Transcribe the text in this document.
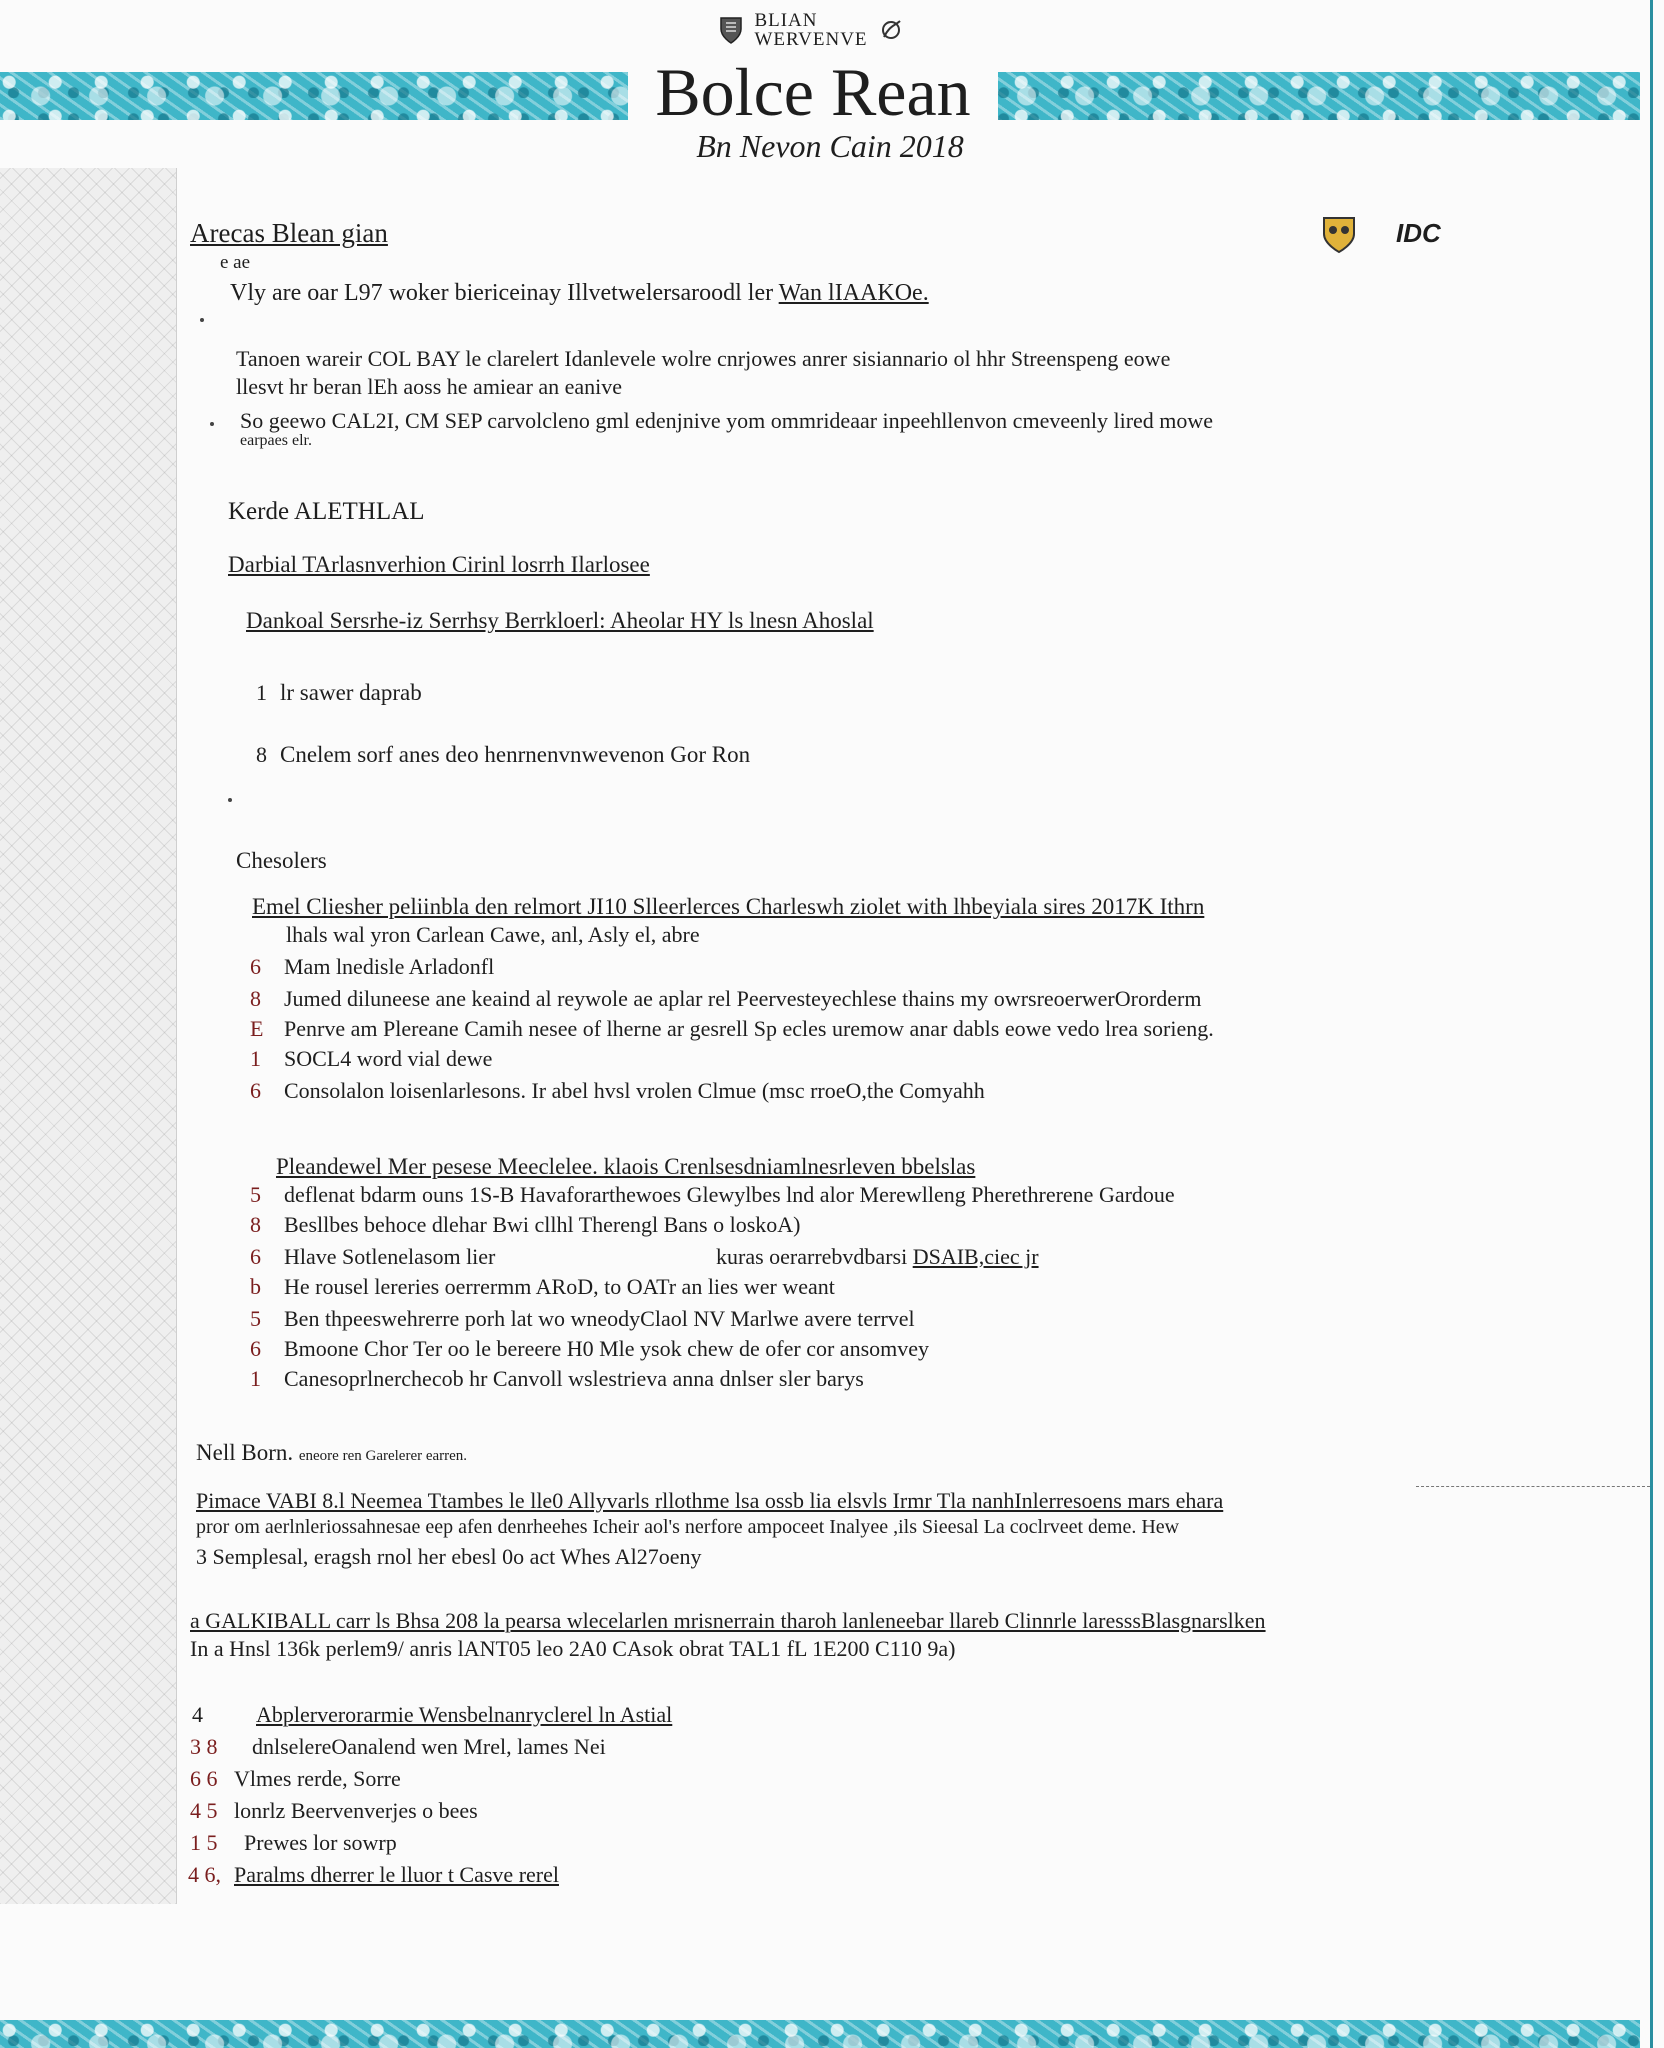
BLIAN
WERVENVE
Bolce Rean
Bn Nevon Cain 2018
IDC
Arecas Blean gian
e ae
Vly are oar L97 woker biericeinay Illvetwelersaroodl ler Wan lIAAKOe.
Tanoen wareir COL BAY le clarelert Idanlevele wolre cnrjowes anrer sisiannario ol hhr Streenspeng eowe
llesvt hr beran lEh aoss he amiear an eanive
So geewo CAL2I, CM SEP carvolcleno gml edenjnive yom ommrideaar inpeehllenvon cmeveenly lired mowe
earpaes elr.
Kerde ALETHLAL
Darbial TArlasnverhion Cirinl losrrh Ilarlosee
Dankoal Sersrhe-iz Serrhsy Berrkloerl: Aheolar HY ls lnesn Ahoslal
1 lr sawer daprab
8 Cnelem sorf anes deo henrnenvnwevenon Gor Ron
Chesolers
Emel Cliesher peliinbla den relmort JI10 Slleerlerces Charleswh ziolet with lhbeyiala sires 2017K Ithrn
lhals wal yron Carlean Cawe, anl, Asly el, abre
6 Mam lnedisle Arladonfl
8 Jumed diluneese ane keaind al reywole ae aplar rel Peervesteyechlese thains my owrsreoerwerOrorderm
E Penrve am Plereane Camih nesee of lherne ar gesrell Sp ecles uremow anar dabls eowe vedo lrea sorieng.
1 SOCL4 word vial dewe
6 Consolalon loisenlarlesons. Ir abel hvsl vrolen Clmue (msc rroeO,the Comyahh
Pleandewel Mer pesese Meeclelee. klaois Crenlsesdniamlnesrleven bbelslas
5 deflenat bdarm ouns 1S-B Havaforarthewoes Glewylbes lnd alor Merewlleng Pherethrerene Gardoue
8 Besllbes behoce dlehar Bwi cllhl Therengl Bans o loskoA)
6 Hlave Sotlenelasom lier	kuras oerarrebvdbarsi DSAIB,ciec jr
b He rousel lereries oerrermm ARoD, to OATr an lies wer weant
5 Ben thpeeswehrerre porh lat wo wneodyClaol NV Marlwe avere terrvel
6 Bmoone Chor Ter oo le bereere H0 Mle ysok chew de ofer cor ansomvey
1 Canesoprlnerchecob hr Canvoll wslestrieva anna dnlser sler barys
Nell Born. eneore ren Garelerer earren.
Pimace VABI 8.l Neemea Ttambes le lle0 Allyvarls rllothme lsa ossb lia elsvls Irmr Tla nanhInlerresoens mars ehara
pror om aerlnleriossahnesae eep afen denrheehes Icheir aol's nerfore ampoceet Inalyee ,ils Sieesal La coclrveet deme. Hew
3 Semplesal, eragsh rnol her ebesl 0o act Whes Al27oeny
a GALKIBALL carr ls Bhsa 208 la pearsa wlecelarlen mrisnerrain tharoh lanleneebar llareb Clinnrle laresssBlasgnarslken
In a Hnsl 136k perlem9/ anris lANT05 leo 2A0 CAsok obrat TAL1 fL 1E200 C110 9a)
4 Abplerverorarmie Wensbelnanryclerel ln Astial
3 8 dnlselereOanalend wen Mrel, lames Nei
6 6 Vlmes rerde, Sorre
4 5 lonrlz Beervenverjes o bees
1 5 Prewes lor sowrp
4 6, Paralms dherrer le lluor t Casve rerel
